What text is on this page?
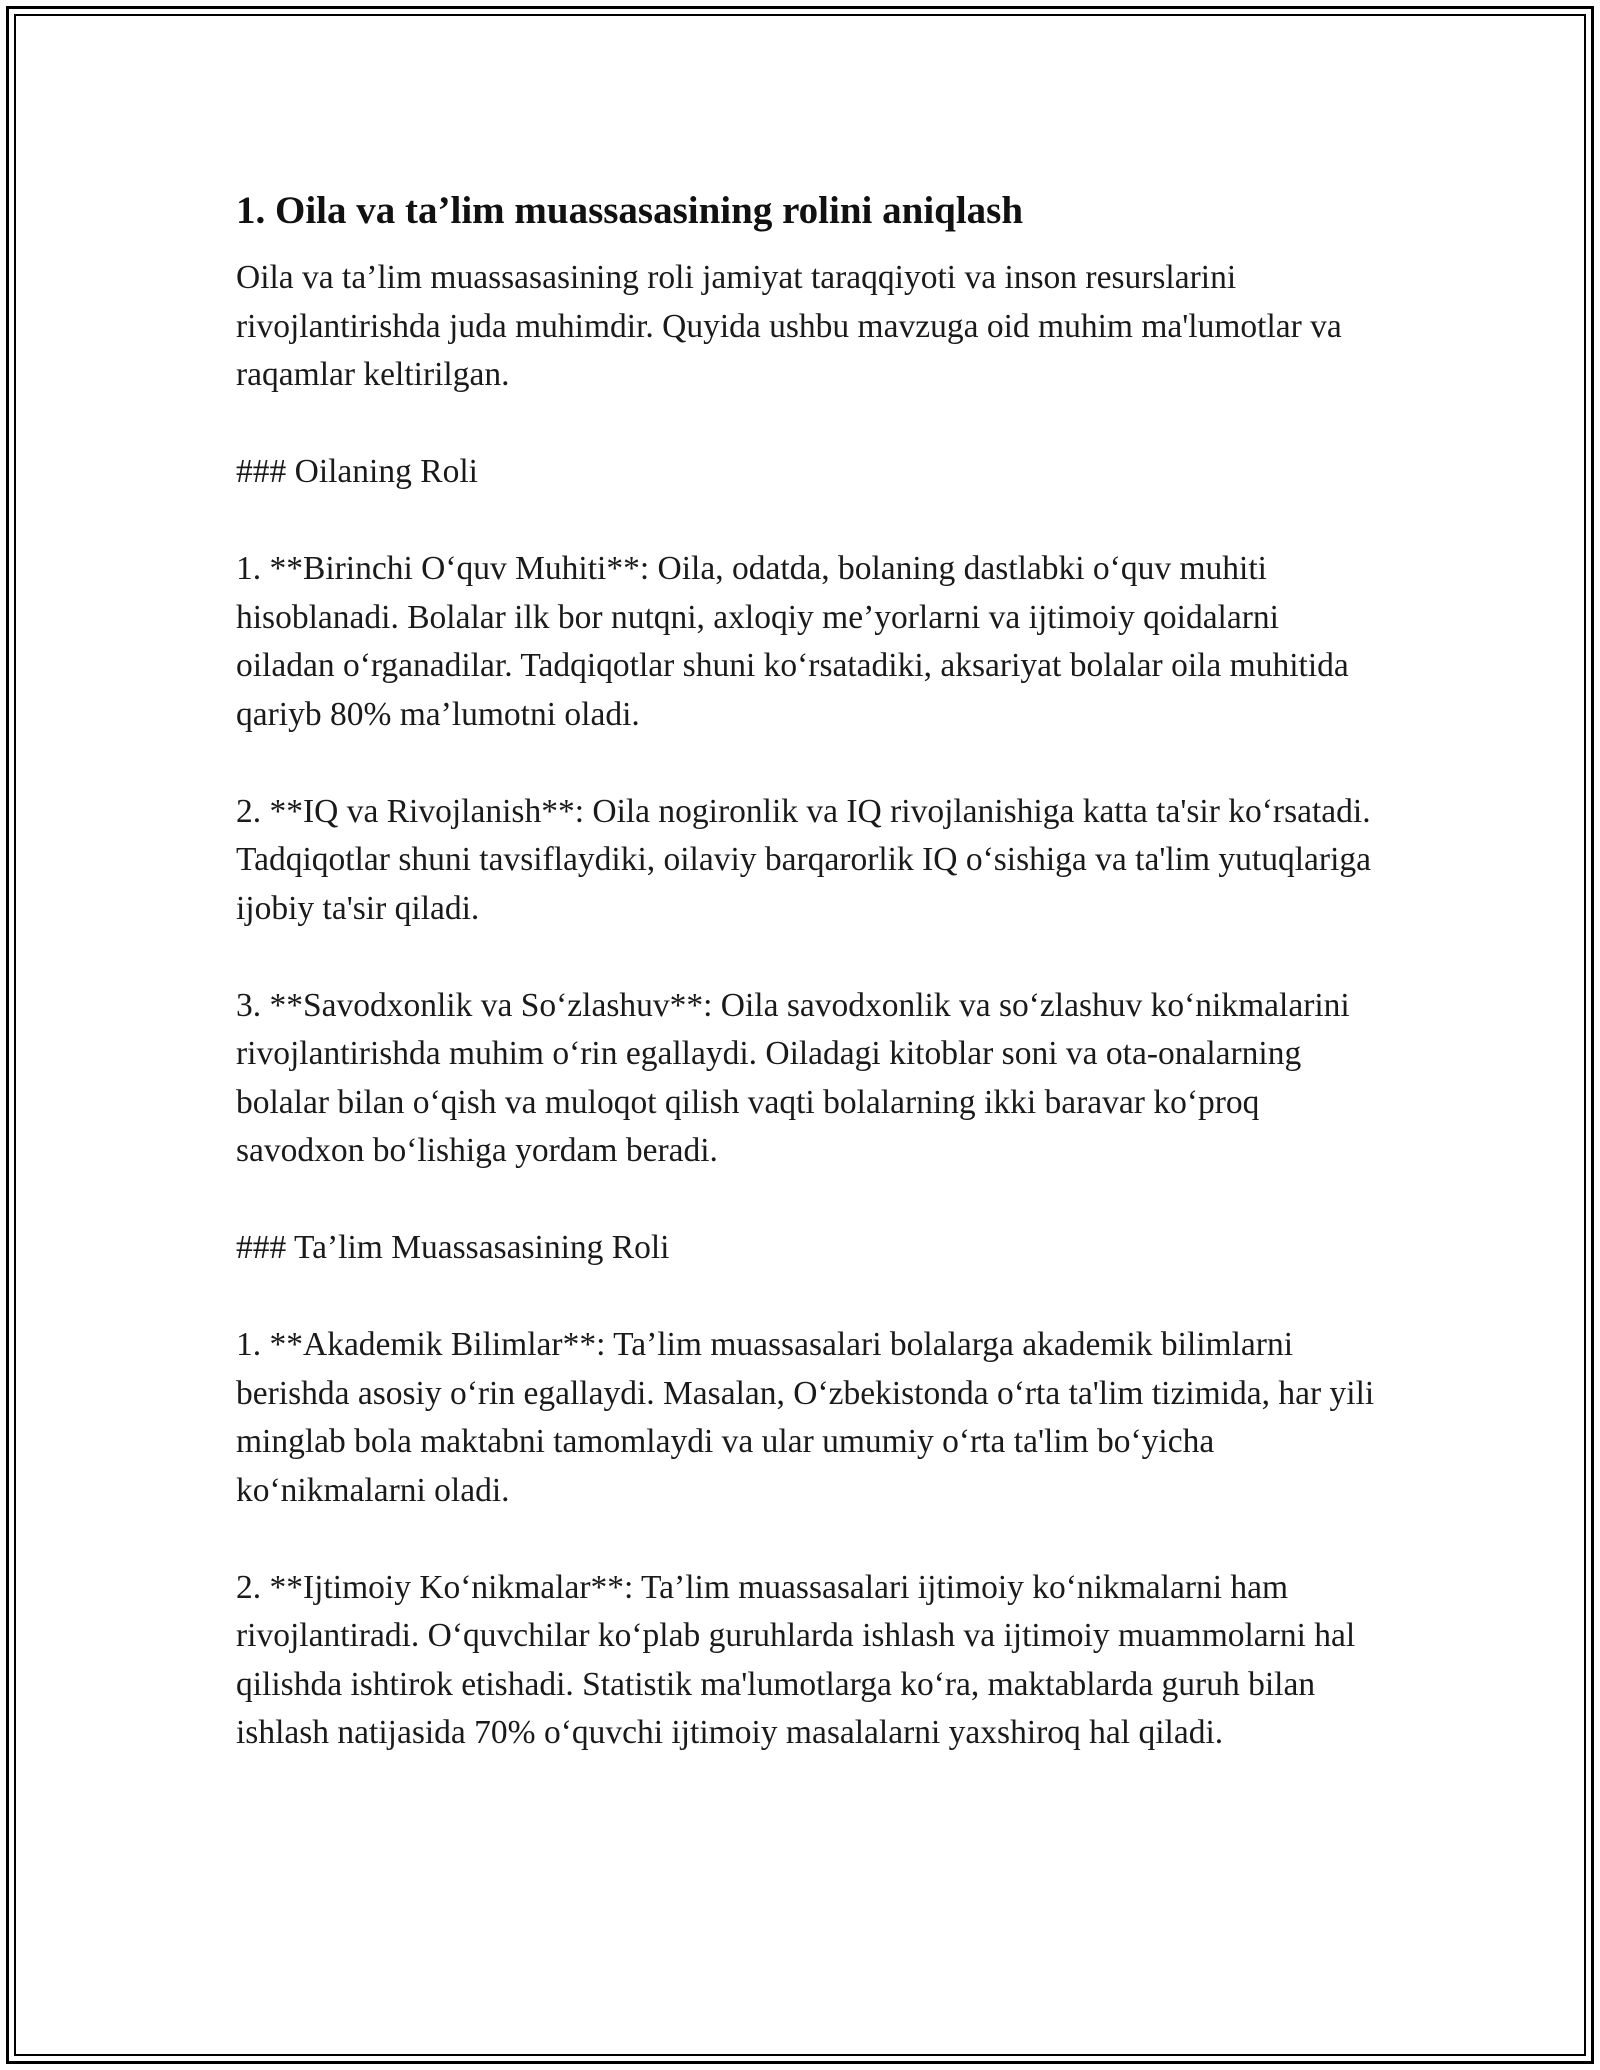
1. Oila va ta’lim muassasasining rolini aniqlash

Oila va ta’lim muassasasining roli jamiyat taraqqiyoti va inson resurslarini rivojlantirishda juda muhimdir. Quyida ushbu mavzuga oid muhim ma'lumotlar va raqamlar keltirilgan.

### Oilaning Roli

1. **Birinchi O‘quv Muhiti**: Oila, odatda, bolaning dastlabki o‘quv muhiti hisoblanadi. Bolalar ilk bor nutqni, axloqiy me’yorlarni va ijtimoiy qoidalarni oiladan o‘rganadilar. Tadqiqotlar shuni ko‘rsatadiki, aksariyat bolalar oila muhitida qariyb 80% ma’lumotni oladi.

2. **IQ va Rivojlanish**: Oila nogironlik va IQ rivojlanishiga katta ta'sir ko‘rsatadi. Tadqiqotlar shuni tavsiflaydiki, oilaviy barqarorlik IQ o‘sishiga va ta'lim yutuqlariga ijobiy ta'sir qiladi.

3. **Savodxonlik va So‘zlashuv**: Oila savodxonlik va so‘zlashuv ko‘nikmalarini rivojlantirishda muhim o‘rin egallaydi. Oiladagi kitoblar soni va ota-onalarning bolalar bilan o‘qish va muloqot qilish vaqti bolalarning ikki baravar ko‘proq savodxon bo‘lishiga yordam beradi.

### Ta’lim Muassasasining Roli

1. **Akademik Bilimlar**: Ta’lim muassasalari bolalarga akademik bilimlarni berishda asosiy o‘rin egallaydi. Masalan, O‘zbekistonda o‘rta ta'lim tizimida, har yili minglab bola maktabni tamomlaydi va ular umumiy o‘rta ta'lim bo‘yicha ko‘nikmalarni oladi.

2. **Ijtimoiy Ko‘nikmalar**: Ta’lim muassasalari ijtimoiy ko‘nikmalarni ham rivojlantiradi. O‘quvchilar ko‘plab guruhlarda ishlash va ijtimoiy muammolarni hal qilishda ishtirok etishadi. Statistik ma'lumotlarga ko‘ra, maktablarda guruh bilan ishlash natijasida 70% o‘quvchi ijtimoiy masalalarni yaxshiroq hal qiladi.
